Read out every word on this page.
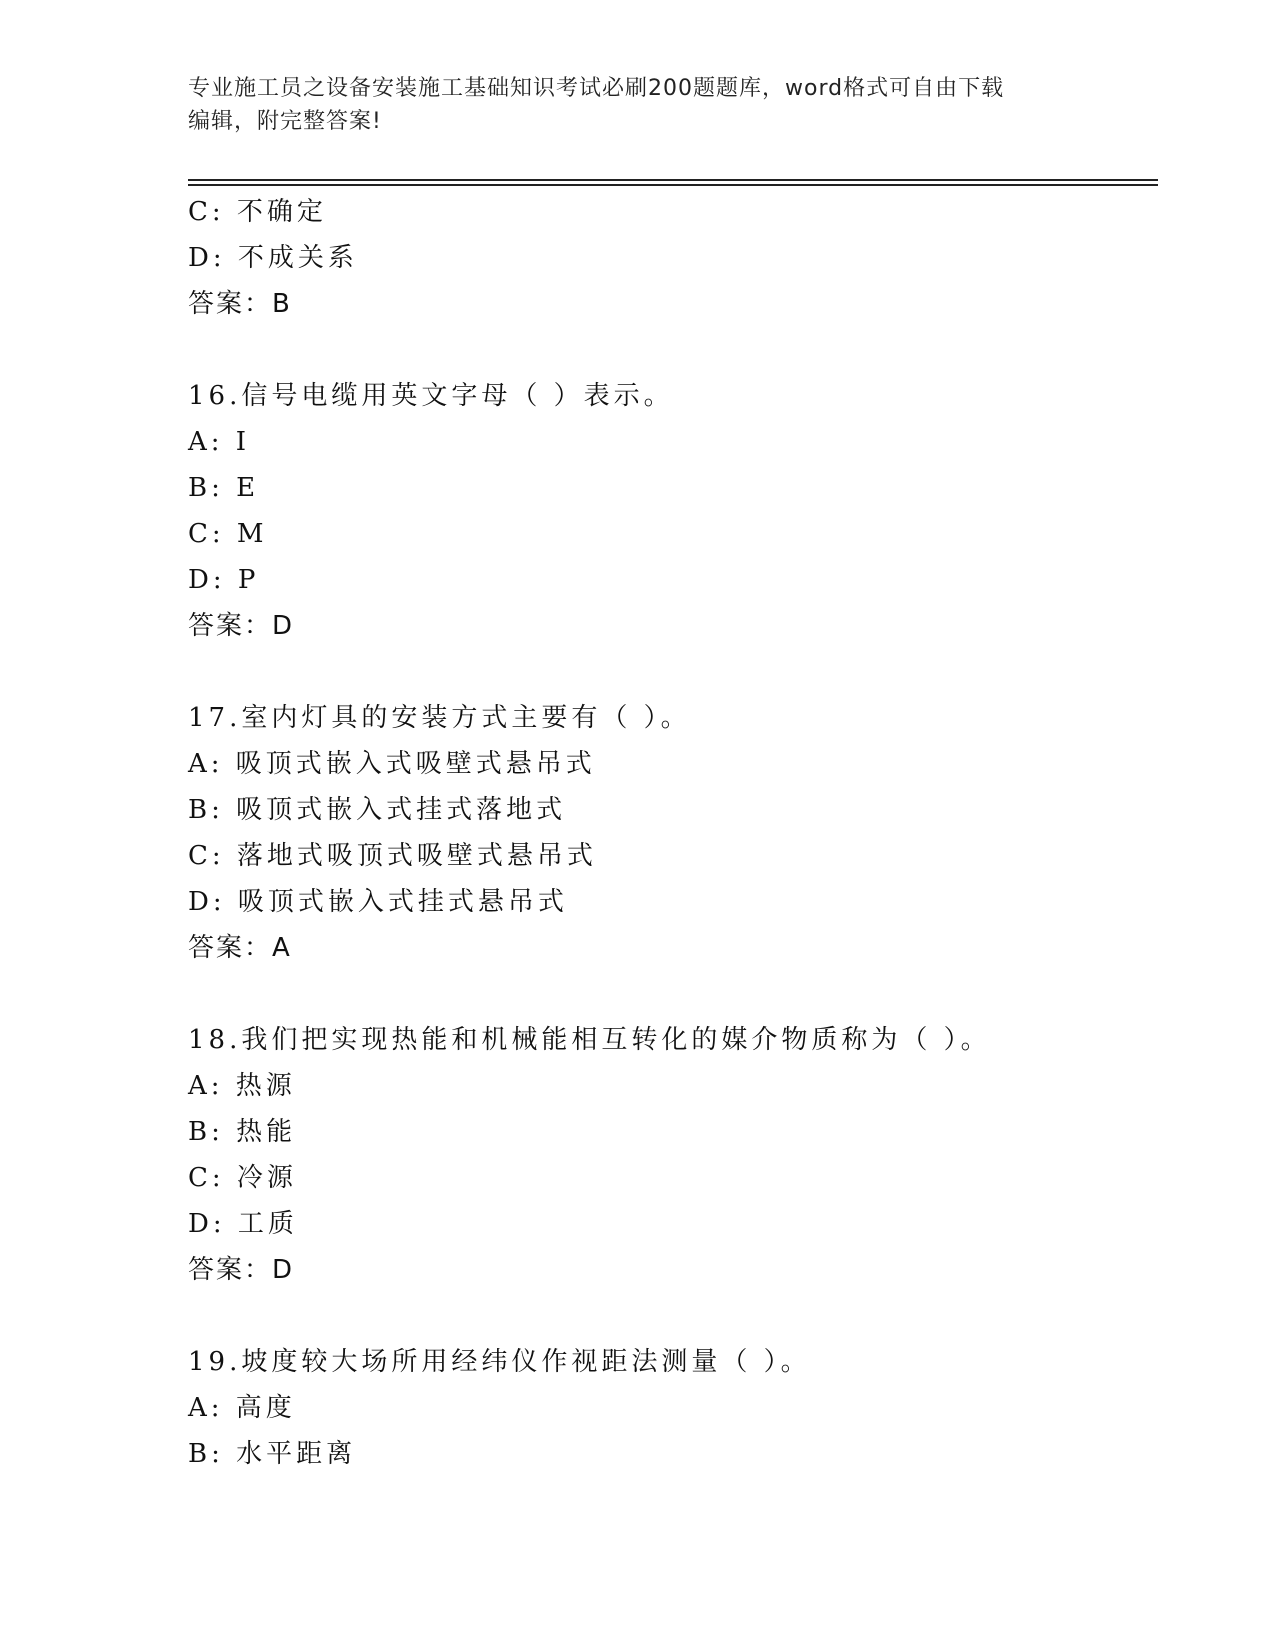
专业施工员之设备安装施工基础知识考试必刷200题题库，word格式可自由下载
编辑，附完整答案!
C: 不确定
D: 不成关系
答案：B
16.信号电缆用英文字母（ ）表示。
A: I
B: E
C: M
D: P
答案：D
17.室内灯具的安装方式主要有（ ）。
A: 吸顶式嵌入式吸壁式悬吊式
B: 吸顶式嵌入式挂式落地式
C: 落地式吸顶式吸壁式悬吊式
D: 吸顶式嵌入式挂式悬吊式
答案：A
18.我们把实现热能和机械能相互转化的媒介物质称为（ ）。
A: 热源
B: 热能
C: 冷源
D: 工质
答案：D
19.坡度较大场所用经纬仪作视距法测量（ ）。
A: 高度
B: 水平距离
